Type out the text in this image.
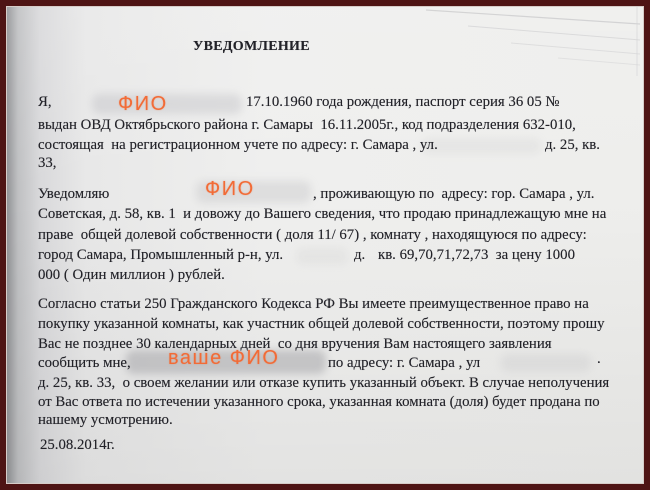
УВЕДОМЛЕНИЕ
Я,	ФИО	17.10.1960 года рождения, паспорт серия 36 05 №
выдан ОВД Октябрьского района г. Самары  16.11.2005г., код подразделения 632-010,
состоящая  на регистрационном учете по адресу: г. Самара , ул.	д. 25, кв.
33,
Уведомляю	ФИО	, проживающую по  адресу: гор. Самара , ул.
Советская, д. 58, кв. 1  и довожу до Вашего сведения, что продаю принадлежащую мне на
праве  общей долевой собственности ( доля 11/ 67) , комнату , находящуюся по адресу:
город Самара, Промышленный р-н, ул.	д. кв. 69,70,71,72,73  за цену 1000
000 ( Один миллион ) рублей.
Согласно статьи 250 Гражданского Кодекса РФ Вы имеете преимущественное право на
покупку указанной комнаты, как участник общей долевой собственности, поэтому прошу
Вас не позднее 30 календарных дней  со дня вручения Вам настоящего заявления
сообщить мне, ваше ФИО	по адресу: г. Самара , ул	.
д. 25, кв. 33,  о своем желании или отказе купить указанный объект. В случае неполучения
от Вас ответа по истечении указанного срока, указанная комната (доля) будет продана по
нашему усмотрению.
25.08.2014г.
